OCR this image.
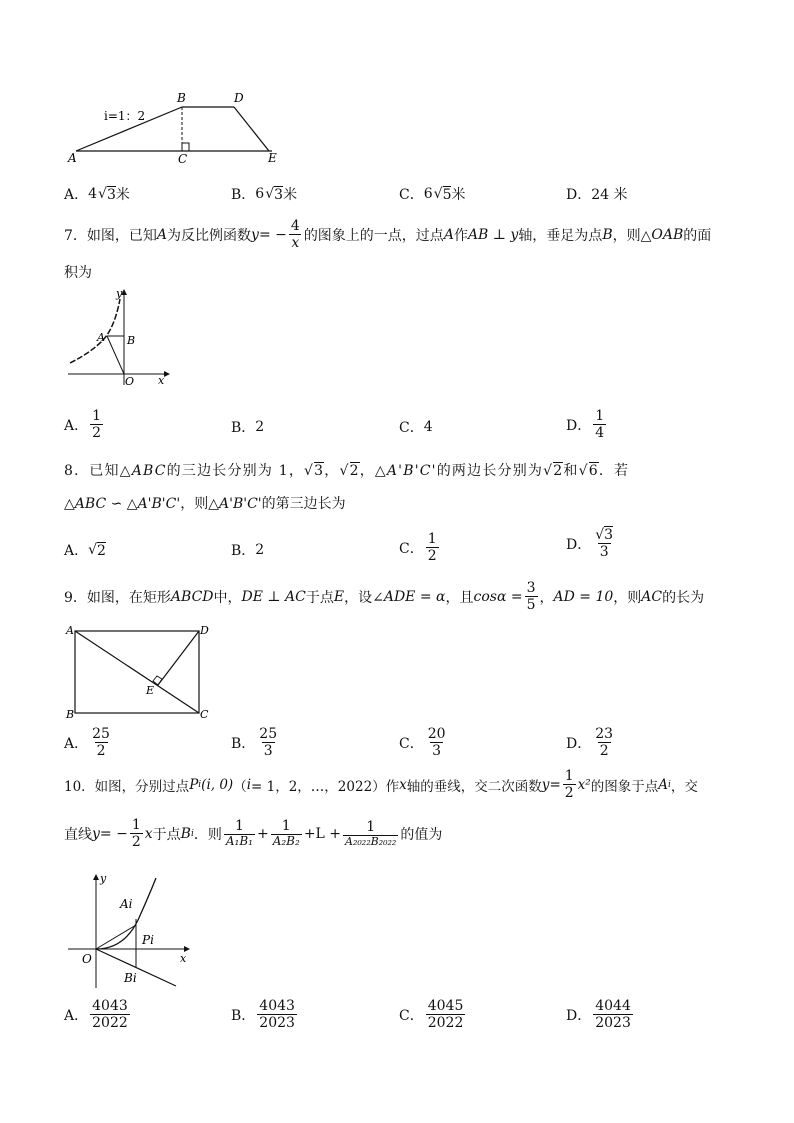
i=1：2
A
B
C
D
E
A． 4 √ 3 米	B． 6 √ 3 米	C． 6 √ 5 米	D． 24 米
7．如图，已知 A 为反比例函数 y = − $\frac{4}{x}$ 的图象上的一点，过点 A 作 AB ⊥ y 轴，垂足为点 B ，则△ OAB 的面
积为
y
A B
O x
A． $\frac{1}{2}$	B． 2	C． 4	D． $\frac{1}{4}$
8．已知△ABC的三边长分别为 1，√3，√2，△A'B'C'的两边长分别为√2和√6．若
△ABC ∽ △A'B'C'，则△A'B'C'的第三边长为
A． √ 2	B． 2	C． $\frac{1}{2}$	D． $\frac{√3}{3}$
9．如图，在矩形 ABCD 中， DE ⊥ AC 于点 E ，设∠ ADE = α ，且 $\cos\alpha = \frac{3}{5}$ ， AD = 10 ，则 AC 的长为
A
B	C
D
E
A． $\frac{25}{2}$	B． $\frac{25}{3}$	C． $\frac{20}{3}$	D． $\frac{23}{2}$
10．如图，分别过点 P i (i, 0) （ i = 1，2，…，2022）作 x 轴的垂线，交二次函数 $y = \frac{1}{2} x^2$ 的图象于点 A i ，交
直线 y = − $\frac{1}{2}$ x 于点 B i ．则 $\frac{1}{\text{A₁B₁}} + \frac{1}{\text{A₂B₂}} +L + \frac{1}{\text{A₂₀₂₂B₂₀₂₂}}$ 的值为
y
Ai
Pi
O
Bi
x
A． $\frac{4043}{2022}$	B． $\frac{4043}{2023}$	C． $\frac{4045}{2022}$	D． $\frac{4044}{2023}$
